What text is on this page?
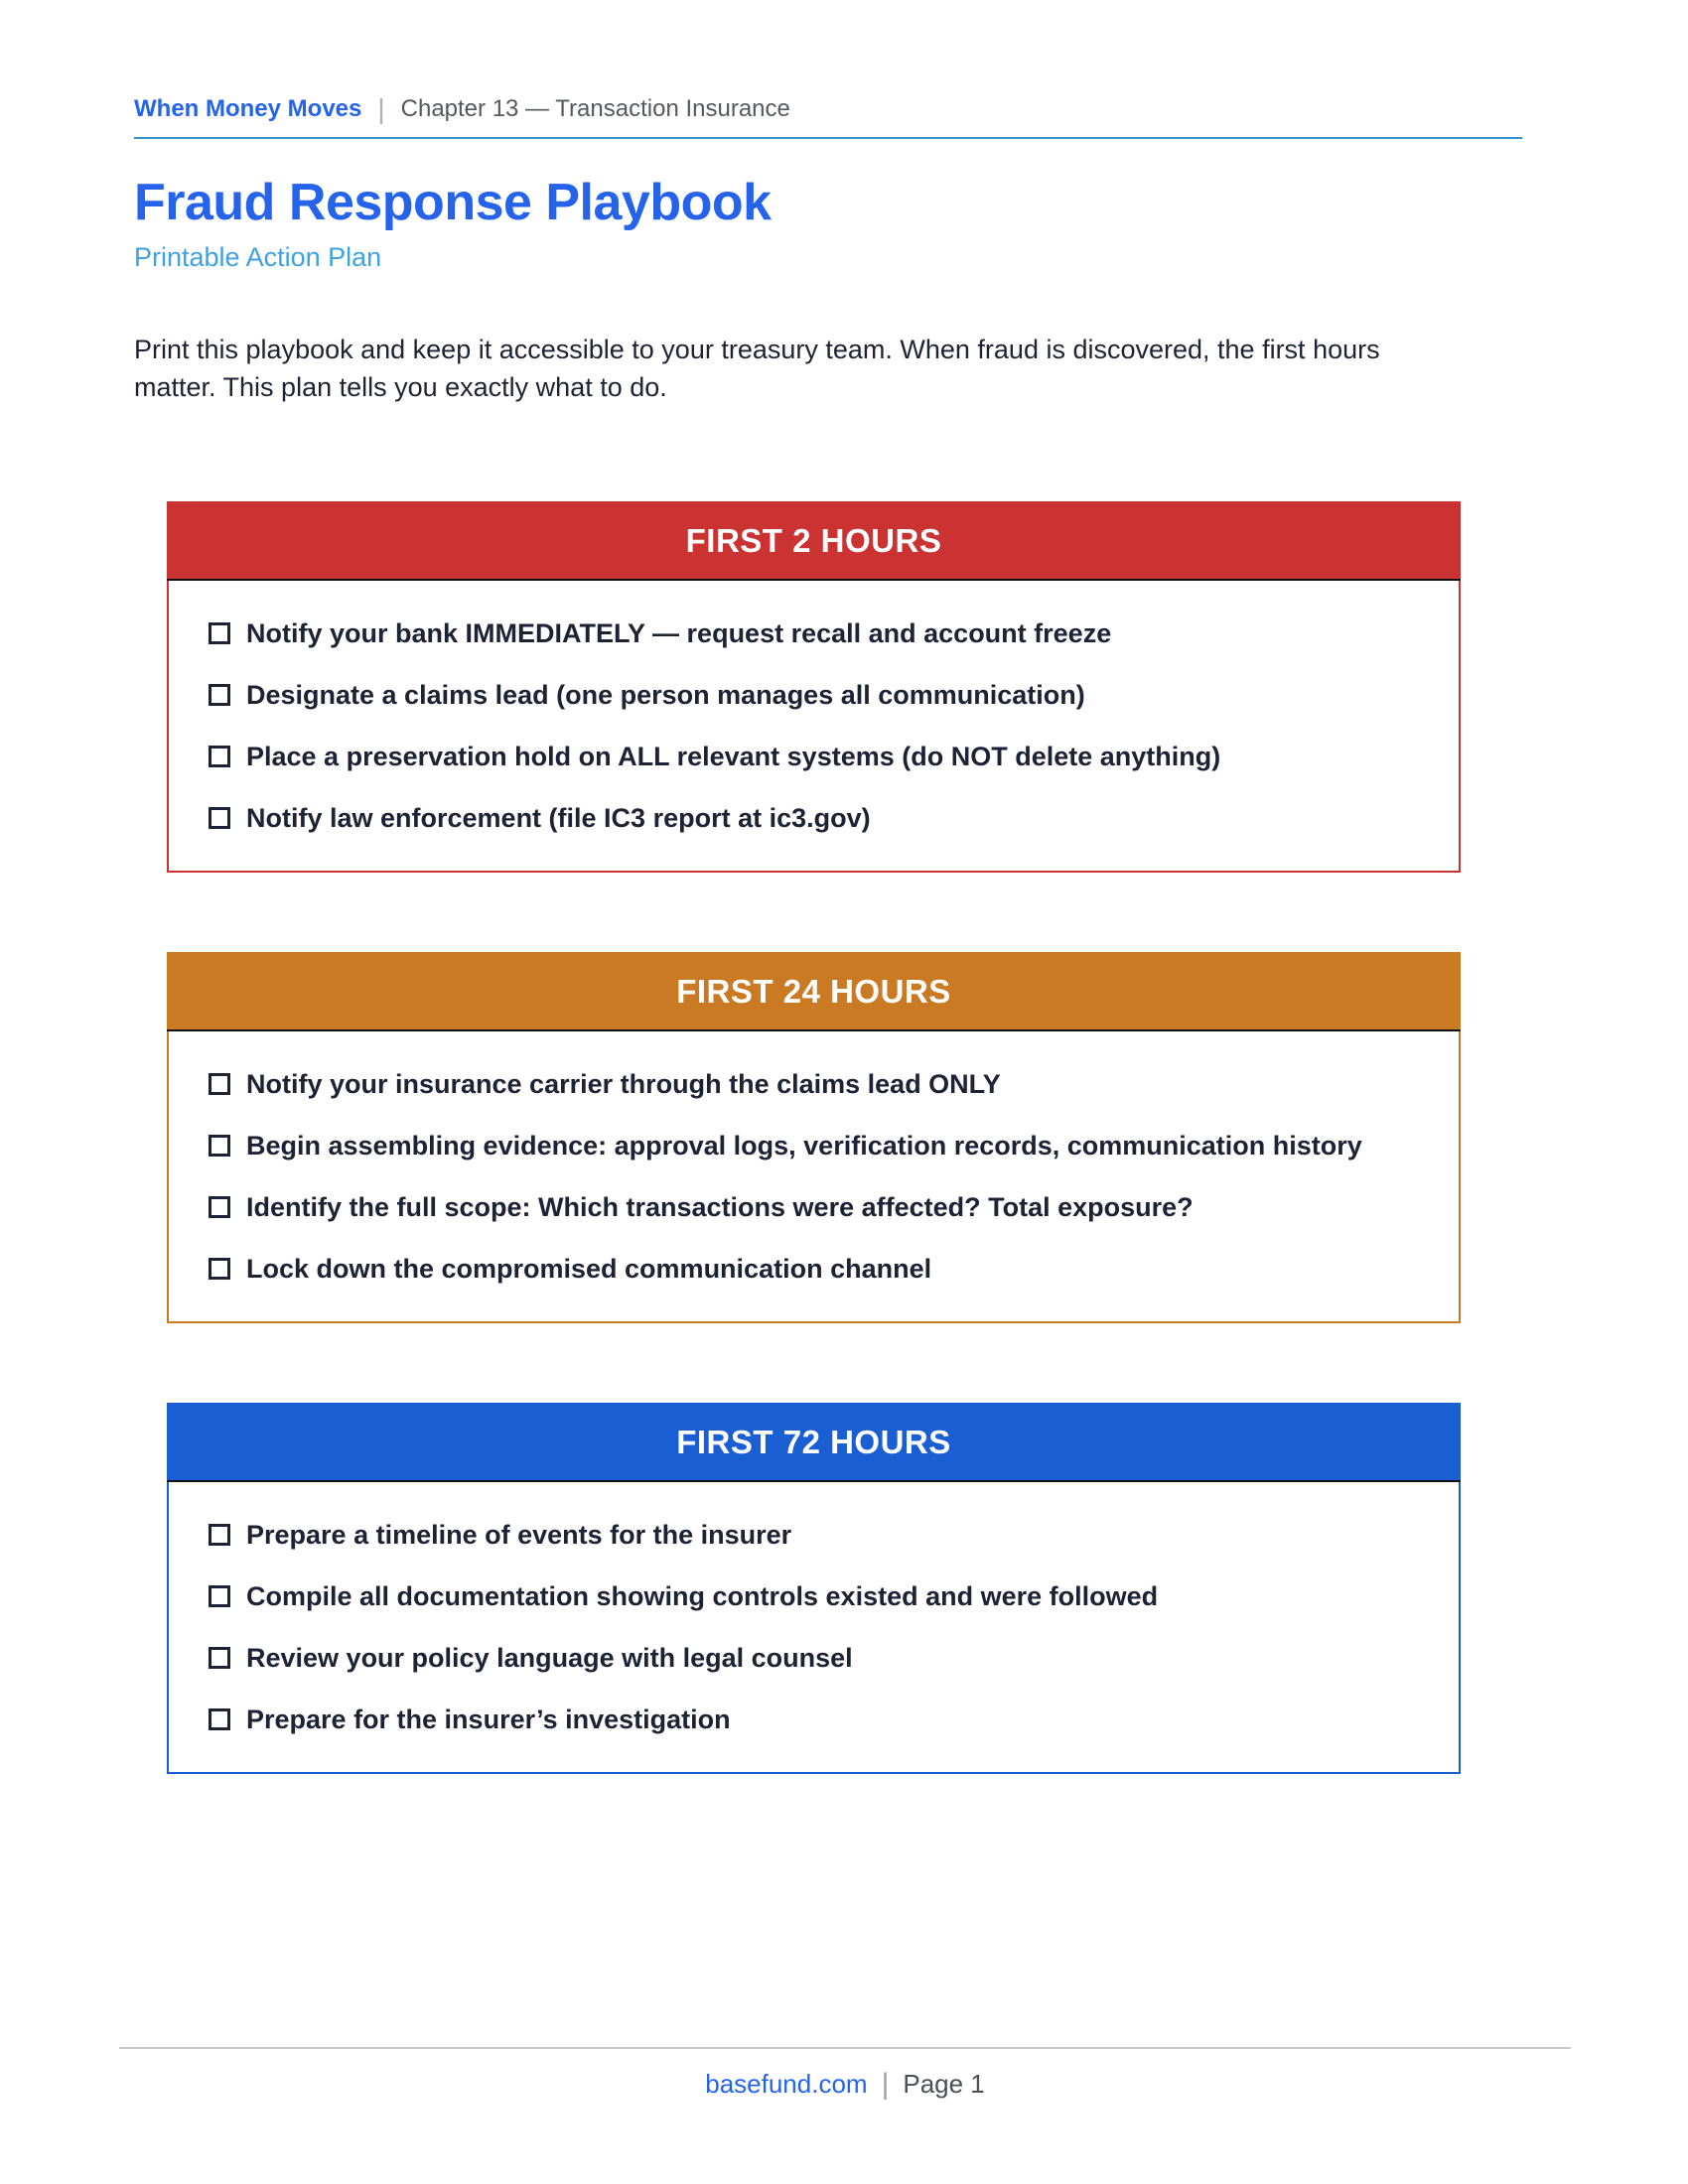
When Money Moves | Chapter 13 — Transaction Insurance
Fraud Response Playbook
Printable Action Plan

Print this playbook and keep it accessible to your treasury team. When fraud is discovered, the first hours matter. This plan tells you exactly what to do.

FIRST 2 HOURS
Notify your bank IMMEDIATELY — request recall and account freeze
Designate a claims lead (one person manages all communication)
Place a preservation hold on ALL relevant systems (do NOT delete anything)
Notify law enforcement (file IC3 report at ic3.gov)
FIRST 24 HOURS
Notify your insurance carrier through the claims lead ONLY
Begin assembling evidence: approval logs, verification records, communication history
Identify the full scope: Which transactions were affected? Total exposure?
Lock down the compromised communication channel
FIRST 72 HOURS
Prepare a timeline of events for the insurer
Compile all documentation showing controls existed and were followed
Review your policy language with legal counsel
Prepare for the insurer’s investigation
basefund.com | Page 1
